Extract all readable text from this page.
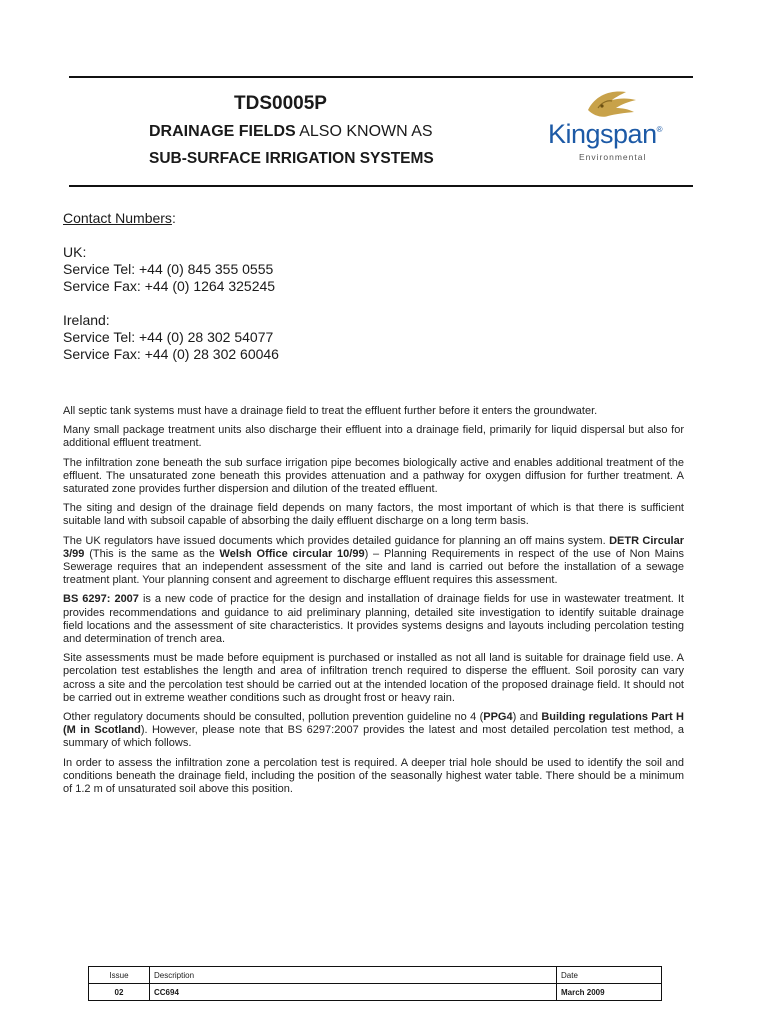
TDS0005P
DRAINAGE FIELDS ALSO KNOWN AS
SUB-SURFACE IRRIGATION SYSTEMS
Kingspan®
Environmental
Contact Numbers:
UK:
Service Tel: +44 (0) 845 355 0555
Service Fax: +44 (0) 1264 325245
Ireland:
Service Tel: +44 (0) 28 302 54077
Service Fax: +44 (0) 28 302 60046

All septic tank systems must have a drainage field to treat the effluent further before it enters the groundwater.

Many small package treatment units also discharge their effluent into a drainage field, primarily for liquid dispersal but also for additional effluent treatment.

The infiltration zone beneath the sub surface irrigation pipe becomes biologically active and enables additional treatment of the effluent. The unsaturated zone beneath this provides attenuation and a pathway for oxygen diffusion for further treatment. A saturated zone provides further dispersion and dilution of the treated effluent.

The siting and design of the drainage field depends on many factors, the most important of which is that there is sufficient suitable land with subsoil capable of absorbing the daily effluent discharge on a long term basis.

The UK regulators have issued documents which provides detailed guidance for planning an off mains system. DETR Circular 3/99 (This is the same as the Welsh Office circular 10/99) – Planning Requirements in respect of the use of Non Mains Sewerage requires that an independent assessment of the site and land is carried out before the installation of a sewage treatment plant. Your planning consent and agreement to discharge effluent requires this assessment.

BS 6297: 2007 is a new code of practice for the design and installation of drainage fields for use in wastewater treatment. It provides recommendations and guidance to aid preliminary planning, detailed site investigation to identify suitable drainage field locations and the assessment of site characteristics. It provides systems designs and layouts including percolation testing and determination of trench area.

Site assessments must be made before equipment is purchased or installed as not all land is suitable for drainage field use. A percolation test establishes the length and area of infiltration trench required to disperse the effluent. Soil porosity can vary across a site and the percolation test should be carried out at the intended location of the proposed drainage field. It should not be carried out in extreme weather conditions such as drought frost or heavy rain.

Other regulatory documents should be consulted, pollution prevention guideline no 4 (PPG4) and Building regulations Part H (M in Scotland). However, please note that BS 6297:2007 provides the latest and most detailed percolation test method, a summary of which follows.

In order to assess the infiltration zone a percolation test is required. A deeper trial hole should be used to identify the soil and conditions beneath the drainage field, including the position of the seasonally highest water table. There should be a minimum of 1.2 m of unsaturated soil above this position.

Issue	Description	Date
02	CC694	March 2009
